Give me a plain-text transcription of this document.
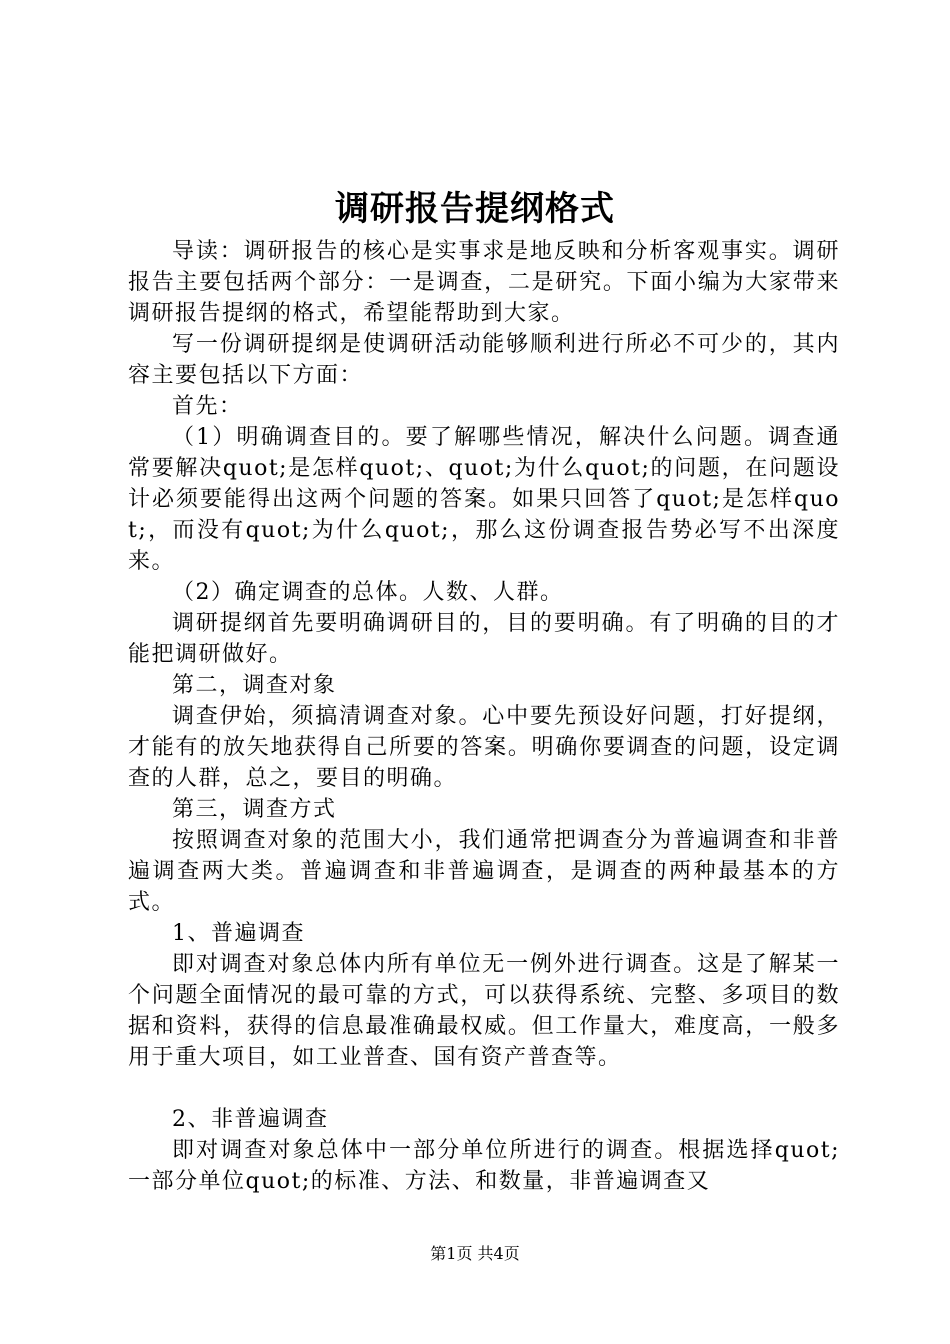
调研报告提纲格式

导读：调研报告的核心是实事求是地反映和分析客观事实。调研报告主要包括两个部分：一是调查，二是研究。下面小编为大家带来调研报告提纲的格式，希望能帮助到大家。

写一份调研提纲是使调研活动能够顺利进行所必不可少的，其内容主要包括以下方面：

首先：

（1）明确调查目的。要了解哪些情况，解决什么问题。调查通常要解决quot;是怎样quot;、quot;为什么quot;的问题，在问题设计必须要能得出这两个问题的答案。如果只回答了quot;是怎样quot;，而没有quot;为什么quot;，那么这份调查报告势必写不出深度来。

（2）确定调查的总体。人数、人群。

调研提纲首先要明确调研目的，目的要明确。有了明确的目的才能把调研做好。

第二，调查对象

调查伊始，须搞清调查对象。心中要先预设好问题，打好提纲，才能有的放矢地获得自己所要的答案。明确你要调查的问题，设定调查的人群，总之，要目的明确。

第三，调查方式

按照调查对象的范围大小，我们通常把调查分为普遍调查和非普遍调查两大类。普遍调查和非普遍调查，是调查的两种最基本的方式。

1、普遍调查

即对调查对象总体内所有单位无一例外进行调查。这是了解某一个问题全面情况的最可靠的方式，可以获得系统、完整、多项目的数据和资料，获得的信息最准确最权威。但工作量大，难度高，一般多用于重大项目，如工业普查、国有资产普查等。

2、非普遍调查

即对调查对象总体中一部分单位所进行的调查。根据选择quot;一部分单位quot;的标准、方法、和数量，非普遍调查又

第1页 共4页
